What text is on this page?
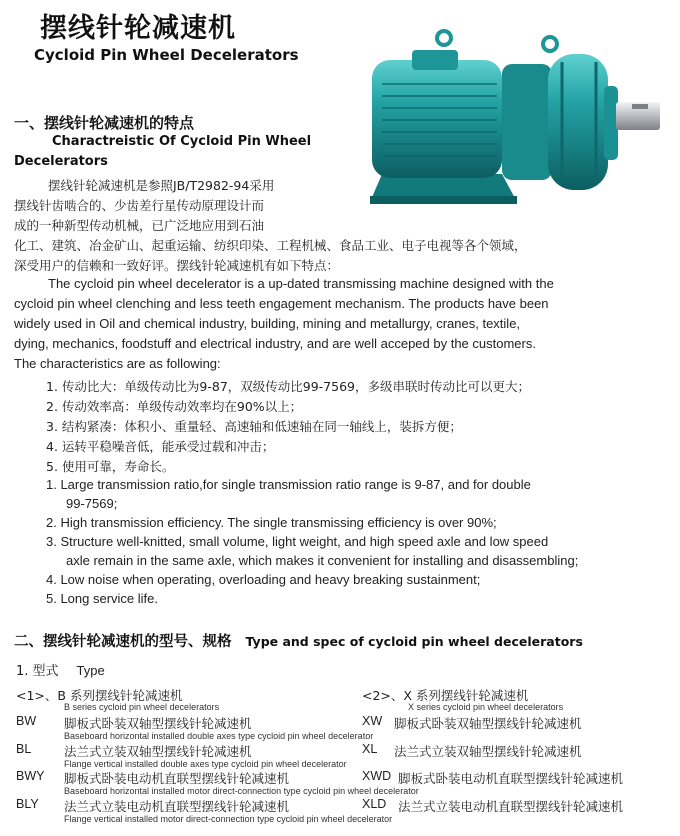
摆线针轮减速机
Cycloid Pin Wheel Decelerators
一、摆线针轮减速机的特点
Charactreistic Of Cycloid Pin Wheel
Decelerators
摆线针轮减速机是参照JB/T2982-94采用
摆线针齿啮合的、少齿差行星传动原理设计而
成的一种新型传动机械，已广泛地应用到石油
化工、建筑、冶金矿山、起重运输、纺织印染、工程机械、食品工业、电子电视等各个领域，
深受用户的信赖和一致好评。摆线针轮减速机有如下特点：
The cycloid pin wheel decelerator is a up-dated transmissing machine designed with the
cycloid pin wheel clenching and less teeth engagement mechanism. The products have been
widely used in Oil and chemical industry, building, mining and metallurgy, cranes, textile,
dying, mechanics, foodstuff and electrical industry, and are well acceped by the customers.
The characteristics are as following:
1. 传动比大：单级传动比为9-87，双级传动比99-7569，多级串联时传动比可以更大；
2. 传动效率高：单级传动效率均在90%以上；
3. 结构紧凑：体积小、重量轻、高速轴和低速轴在同一轴线上，装拆方便；
4. 运转平稳噪音低，能承受过载和冲击；
5. 使用可靠，寿命长。
1. Large transmission ratio,for single transmission ratio range is 9-87, and for double
99-7569;
2. High transmission efficiency. The single transmissing efficiency is over 90%;
3. Structure well-knitted, small volume, light weight, and high speed axle and low speed
axle remain in the same axle, which makes it convenient for installing and disassembling;
4. Low noise when operating, overloading and heavy breaking sustainment;
5. Long service life.
二、摆线针轮减速机的型号、规格 Type and spec of cycloid pin wheel decelerators
1. 型式 Type
<1>、B 系列摆线针轮减速机
B series cycloid pin wheel decelerators
BW 脚板式卧装双轴型摆线针轮减速机
Baseboard horizontal installed double axes type cycloid pin wheel decelerator
BL	法兰式立装双轴型摆线针轮减速机
Flange vertical installed double axes type cycloid pin wheel decelerator
BWY 脚板式卧装电动机直联型摆线针轮减速机
Baseboard horizontal installed motor direct-connection type cycloid pin wheel decelerator
BLY 法兰式立装电动机直联型摆线针轮减速机
Flange vertical installed motor direct-connection type cycloid pin wheel decelerator
<2>、X 系列摆线针轮减速机
X series cycloid pin wheel decelerators
XW 脚板式卧装双轴型摆线针轮减速机
XL 法兰式立装双轴型摆线针轮减速机
XWD 脚板式卧装电动机直联型摆线针轮减速机
XLD 法兰式立装电动机直联型摆线针轮减速机
